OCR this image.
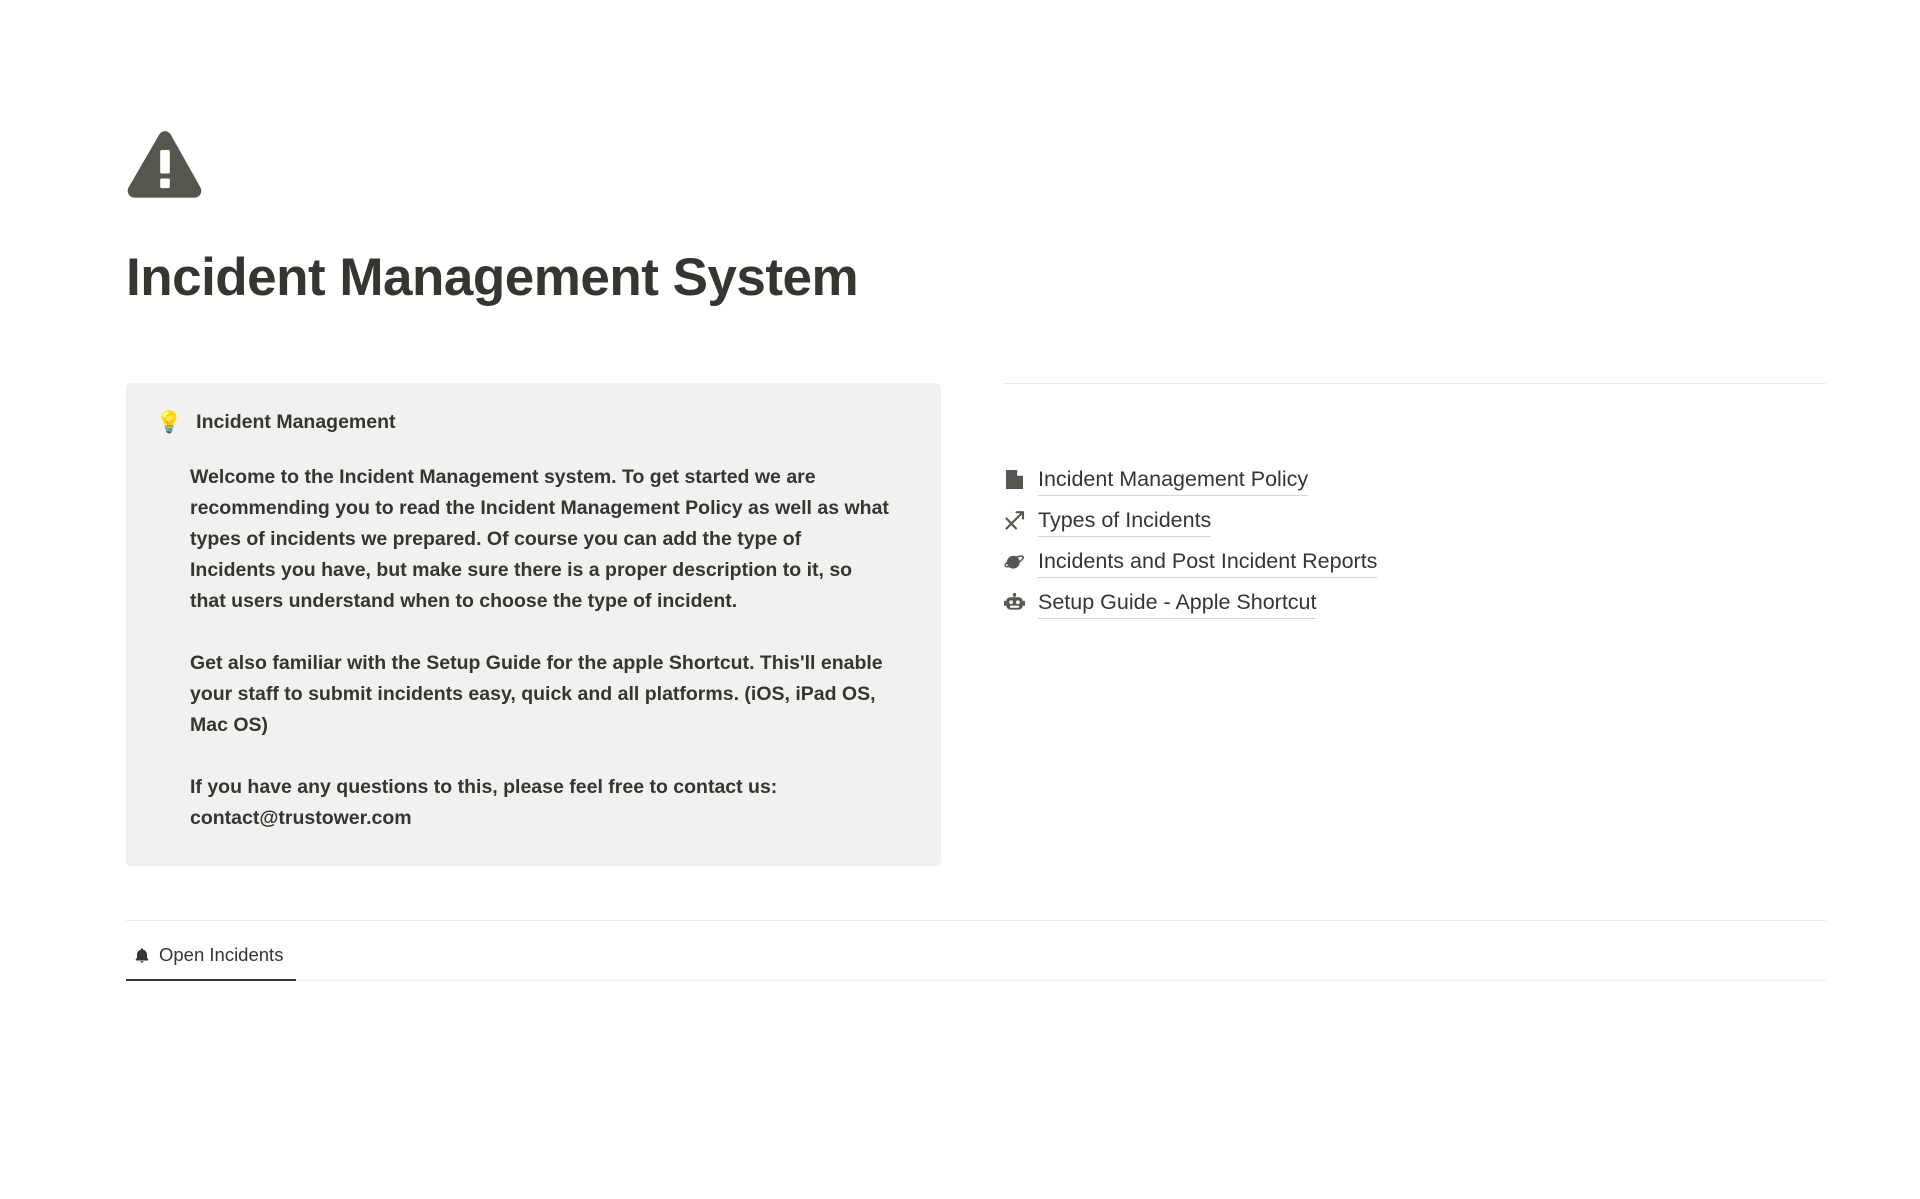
Incident Management System
💡 Incident Management

Welcome to the Incident Management system. To get started we are recommending you to read the Incident Management Policy as well as what types of incidents we prepared. Of course you can add the type of Incidents you have, but make sure there is a proper description to it, so that users understand when to choose the type of incident.

Get also familiar with the Setup Guide for the apple Shortcut. This'll enable your staff to submit incidents easy, quick and all platforms. (iOS, iPad OS, Mac OS)

If you have any questions to this, please feel free to contact us: contact@trustower.com

Incident Management Policy
Types of Incidents
Incidents and Post Incident Reports
Setup Guide - Apple Shortcut
Open Incidents
